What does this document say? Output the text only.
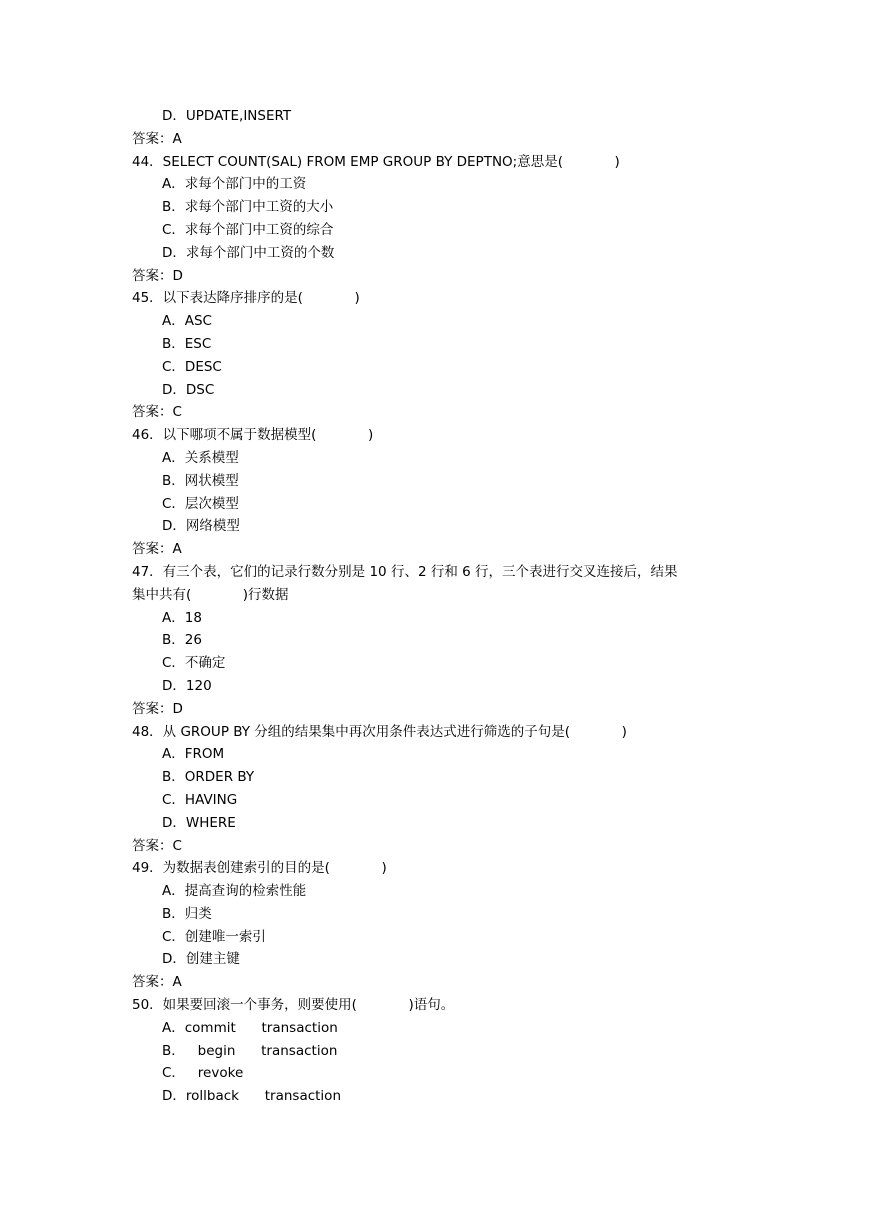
D．UPDATE,INSERT
答案：A
44．SELECT COUNT(SAL) FROM EMP GROUP BY DEPTNO;意思是(            )
A．求每个部门中的工资
B．求每个部门中工资的大小
C．求每个部门中工资的综合
D．求每个部门中工资的个数
答案：D
45．以下表达降序排序的是(            )
A．ASC
B．ESC
C．DESC
D．DSC
答案：C
46．以下哪项不属于数据模型(            )
A．关系模型
B．网状模型
C．层次模型
D．网络模型
答案：A
47．有三个表，它们的记录行数分别是 10 行、2 行和 6 行，三个表进行交叉连接后，结果
集中共有(            )行数据
A．18
B．26
C．不确定
D．120
答案：D
48．从 GROUP BY 分组的结果集中再次用条件表达式进行筛选的子句是(            )
A．FROM
B．ORDER BY
C．HAVING
D．WHERE
答案：C
49．为数据表创建索引的目的是(            )
A．提高查询的检索性能
B．归类
C．创建唯一索引
D．创建主键
答案：A
50．如果要回滚一个事务，则要使用(            )语句。
A．commit      transaction
B．   begin      transaction
C．   revoke
D．rollback      transaction
